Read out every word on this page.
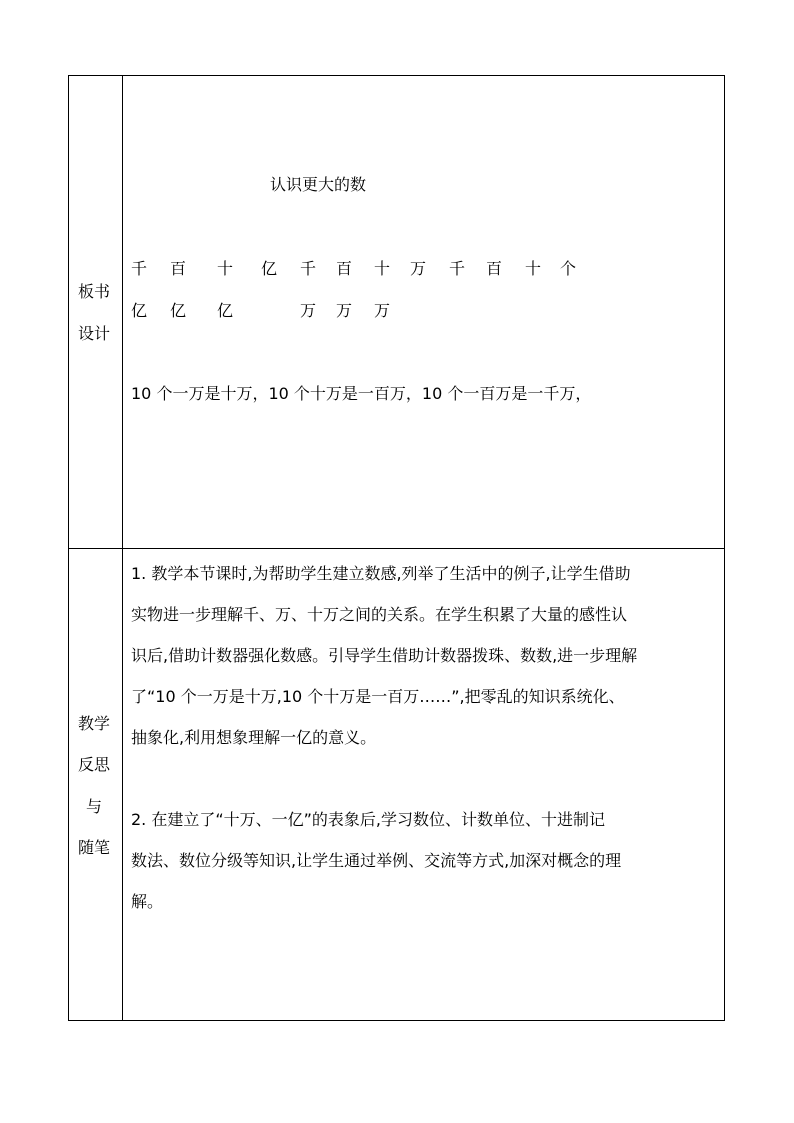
板书
设计
认识更大的数
千 百 十 亿 千 百 十 万 千 百 十 个
亿 亿 亿	万 万 万
10 个一万是十万，10 个十万是一百万，10 个一百万是一千万，
教学
反思
与
随笔

1. 教学本节课时,为帮助学生建立数感,列举了生活中的例子,让学生借助

实物进一步理解千、万、十万之间的关系。在学生积累了大量的感性认

识后,借助计数器强化数感。引导学生借助计数器拨珠、数数,进一步理解

了“10 个一万是十万,10 个十万是一百万……”,把零乱的知识系统化、

抽象化,利用想象理解一亿的意义。

2. 在建立了“十万、一亿”的表象后,学习数位、计数单位、十进制记

数法、数位分级等知识,让学生通过举例、交流等方式,加深对概念的理

解。
